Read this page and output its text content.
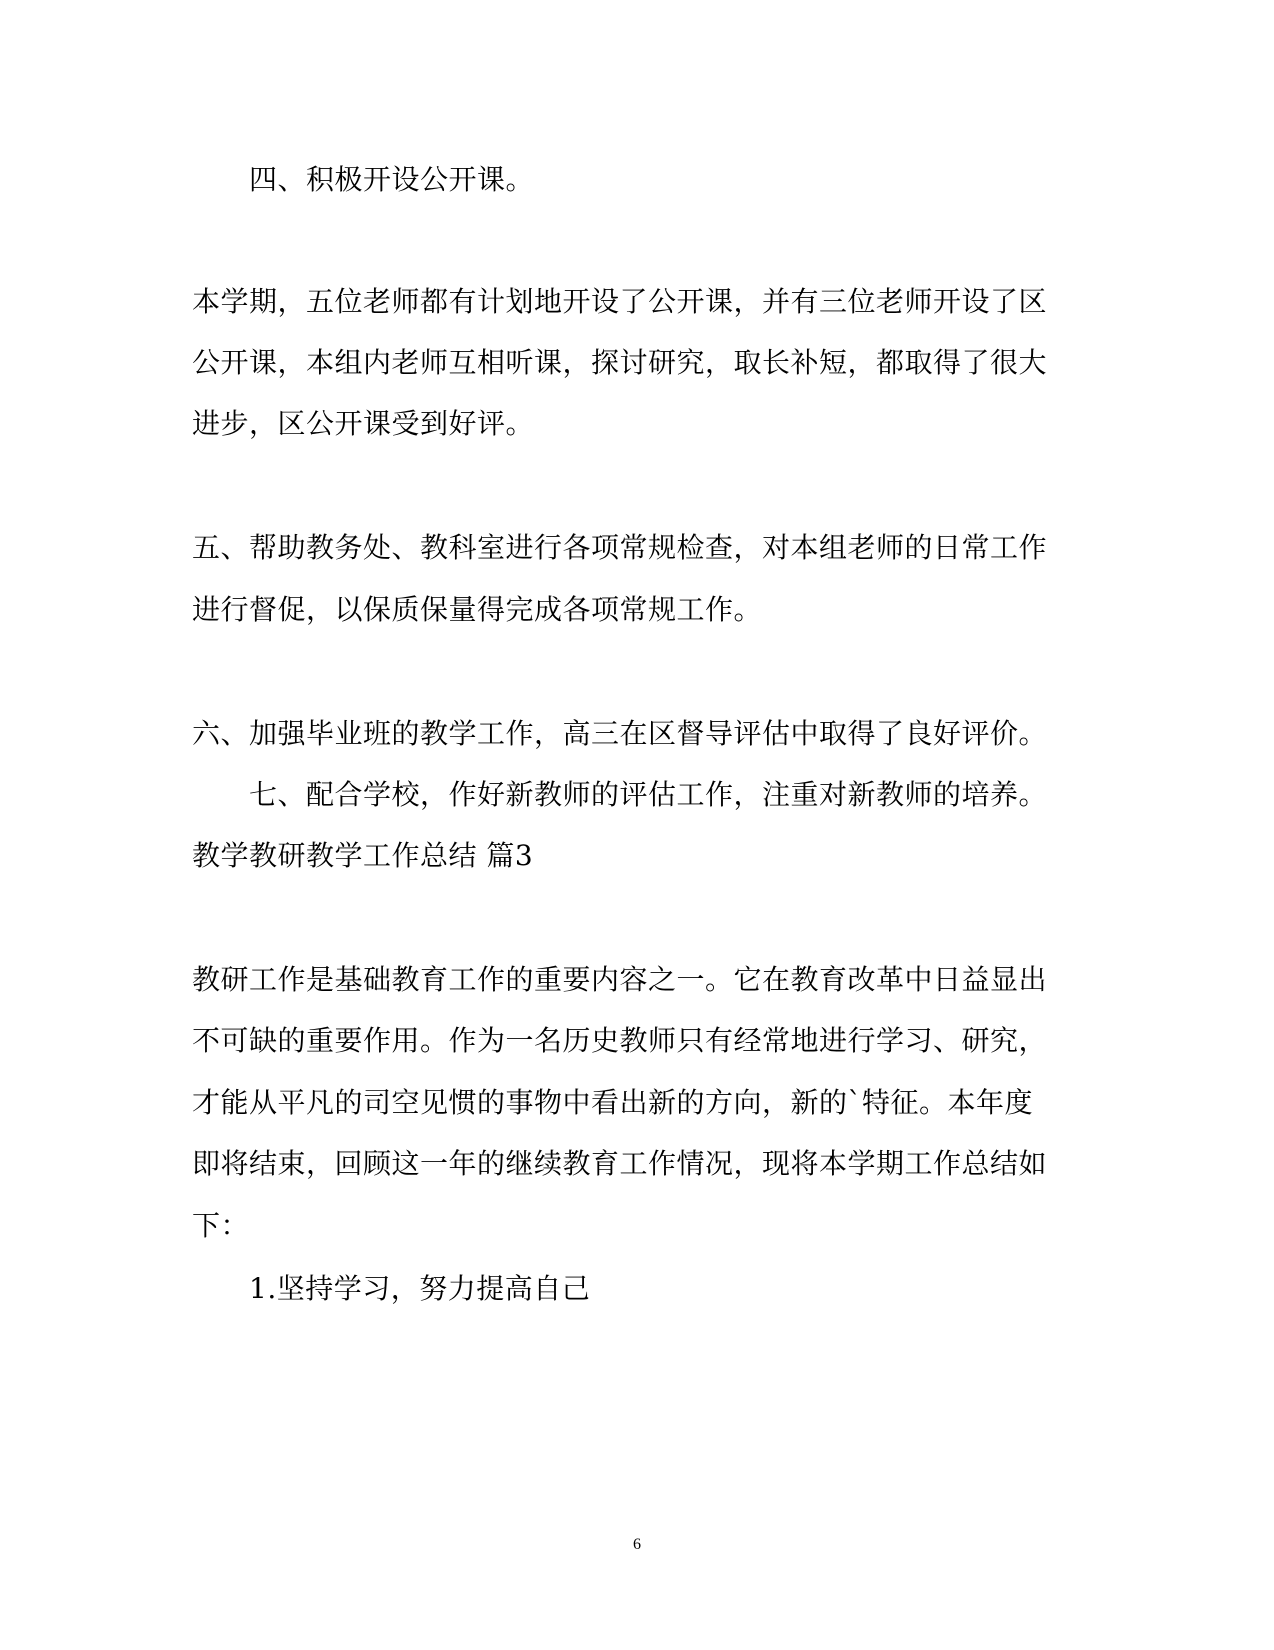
四、积极开设公开课。
本学期，五位老师都有计划地开设了公开课，并有三位老师开设了区
公开课，本组内老师互相听课，探讨研究，取长补短，都取得了很大
进步，区公开课受到好评。
五、帮助教务处、教科室进行各项常规检查，对本组老师的日常工作
进行督促，以保质保量得完成各项常规工作。
六、加强毕业班的教学工作，高三在区督导评估中取得了良好评价。
七、配合学校，作好新教师的评估工作，注重对新教师的培养。
教学教研教学工作总结 篇3
教研工作是基础教育工作的重要内容之一。它在教育改革中日益显出
不可缺的重要作用。作为一名历史教师只有经常地进行学习、研究，
才能从平凡的司空见惯的事物中看出新的方向，新的`特征。本年度
即将结束，回顾这一年的继续教育工作情况，现将本学期工作总结如
下：
1.坚持学习，努力提高自己
6
